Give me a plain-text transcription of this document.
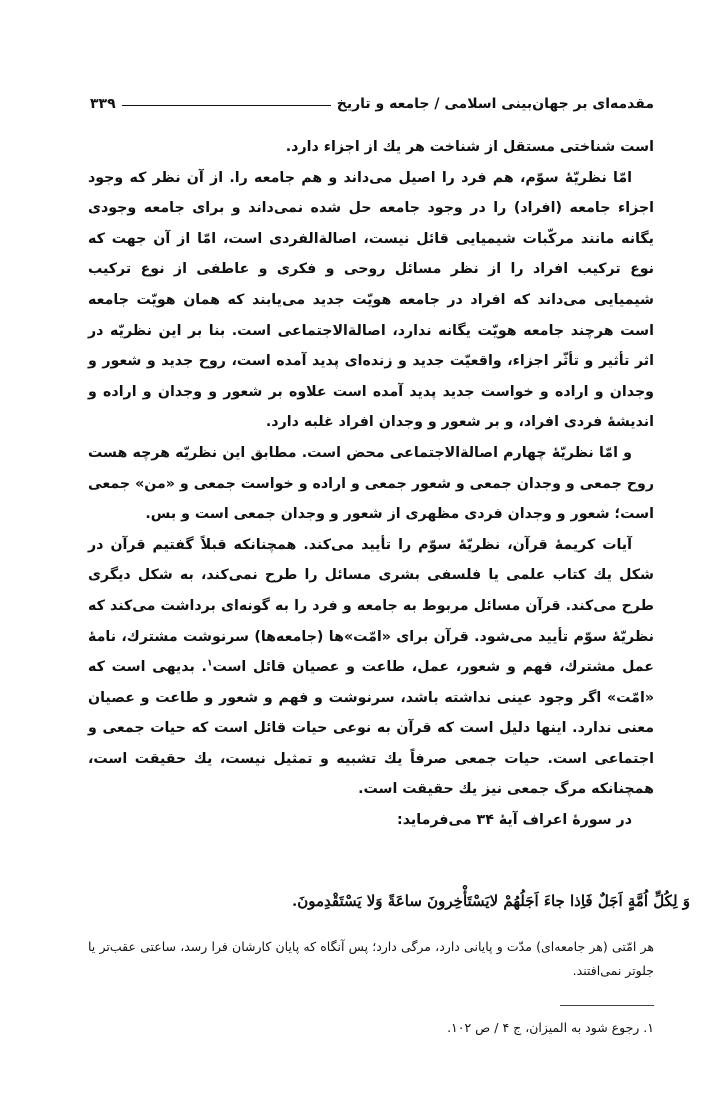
مقدمه‌ای بر جهان‌بینی اسلامی / جامعه و تاریخ
۳۳۹

است شناختی مستقل از شناخت هر یك از اجزاء دارد.

امّا نظریّهٔ سوّم، هم فرد را اصیل می‌داند و هم جامعه را. از آن نظر که وجود اجزاء جامعه (افراد) را در وجود جامعه حل شده نمی‌داند و برای جامعه وجودی یگانه مانند مرکّبات شیمیایی قائل نیست، اصالة‌الفردی است، امّا از آن جهت که نوع ترکیب افراد را از نظر مسائل روحی و فکری و عاطفی از نوع ترکیب شیمیایی می‌داند که افراد در جامعه هویّت جدید می‌یابند که همان هویّت جامعه است هرچند جامعه هویّت یگانه ندارد، اصالة‌الاجتماعی است. بنا بر این نظریّه در اثر تأثیر و تأثّر اجزاء، واقعیّت جدید و زنده‌ای پدید آمده است، روح جدید و شعور و وجدان و اراده و خواست جدید پدید آمده است علاوه بر شعور و وجدان و اراده و اندیشهٔ فردی افراد، و بر شعور و وجدان افراد غلبه دارد.

و امّا نظریّهٔ چهارم اصالة‌الاجتماعی محض است. مطابق این نظریّه هرچه هست روح جمعی و وجدان جمعی و شعور جمعی و اراده و خواست جمعی و «من» جمعی است؛ شعور و وجدان فردی مظهری از شعور و وجدان جمعی است و بس.

آیات کریمهٔ قرآن، نظریّهٔ سوّم را تأیید می‌کند. همچنانکه قبلاً گفتیم قرآن در شکل یك کتاب علمی یا فلسفی بشری مسائل را طرح نمی‌کند، به شکل دیگری طرح می‌کند. قرآن مسائل مربوط به جامعه و فرد را به گونه‌ای برداشت می‌کند که نظریّهٔ سوّم تأیید می‌شود. قرآن برای «امّت»ها (جامعه‌ها) سرنوشت مشترك، نامهٔ عمل مشترك، فهم و شعور، عمل، طاعت و عصیان قائل است$^۱$. بدیهی است که «امّت» اگر وجود عینی نداشته باشد، سرنوشت و فهم و شعور و طاعت و عصیان معنی ندارد. اینها دلیل است که قرآن به نوعی حیات قائل است که حیات جمعی و اجتماعی است. حیات جمعی صرفاً یك تشبیه و تمثیل نیست، یك حقیقت است، همچنانکه مرگ جمعی نیز یك حقیقت است.

در سورهٔ اعراف آیهٔ ۳۴ می‌فرماید:

وَ لِکُلِّ اُمَّةٍ اَجَلٌ فَاِذا جاءَ اَجَلُهُمْ لایَسْتَأْخِرونَ ساعَةً وَلا یَسْتَقْدِمونَ.
هر امّتی (هر جامعه‌ای) مدّت و پایانی دارد، مرگی دارد؛ پس آنگاه که پایان کارشان فرا رسد، ساعتی عقب‌تر یا جلوتر نمی‌افتند.
۱. رجوع شود به المیزان، ج ۴ / ص ۱۰۲.
